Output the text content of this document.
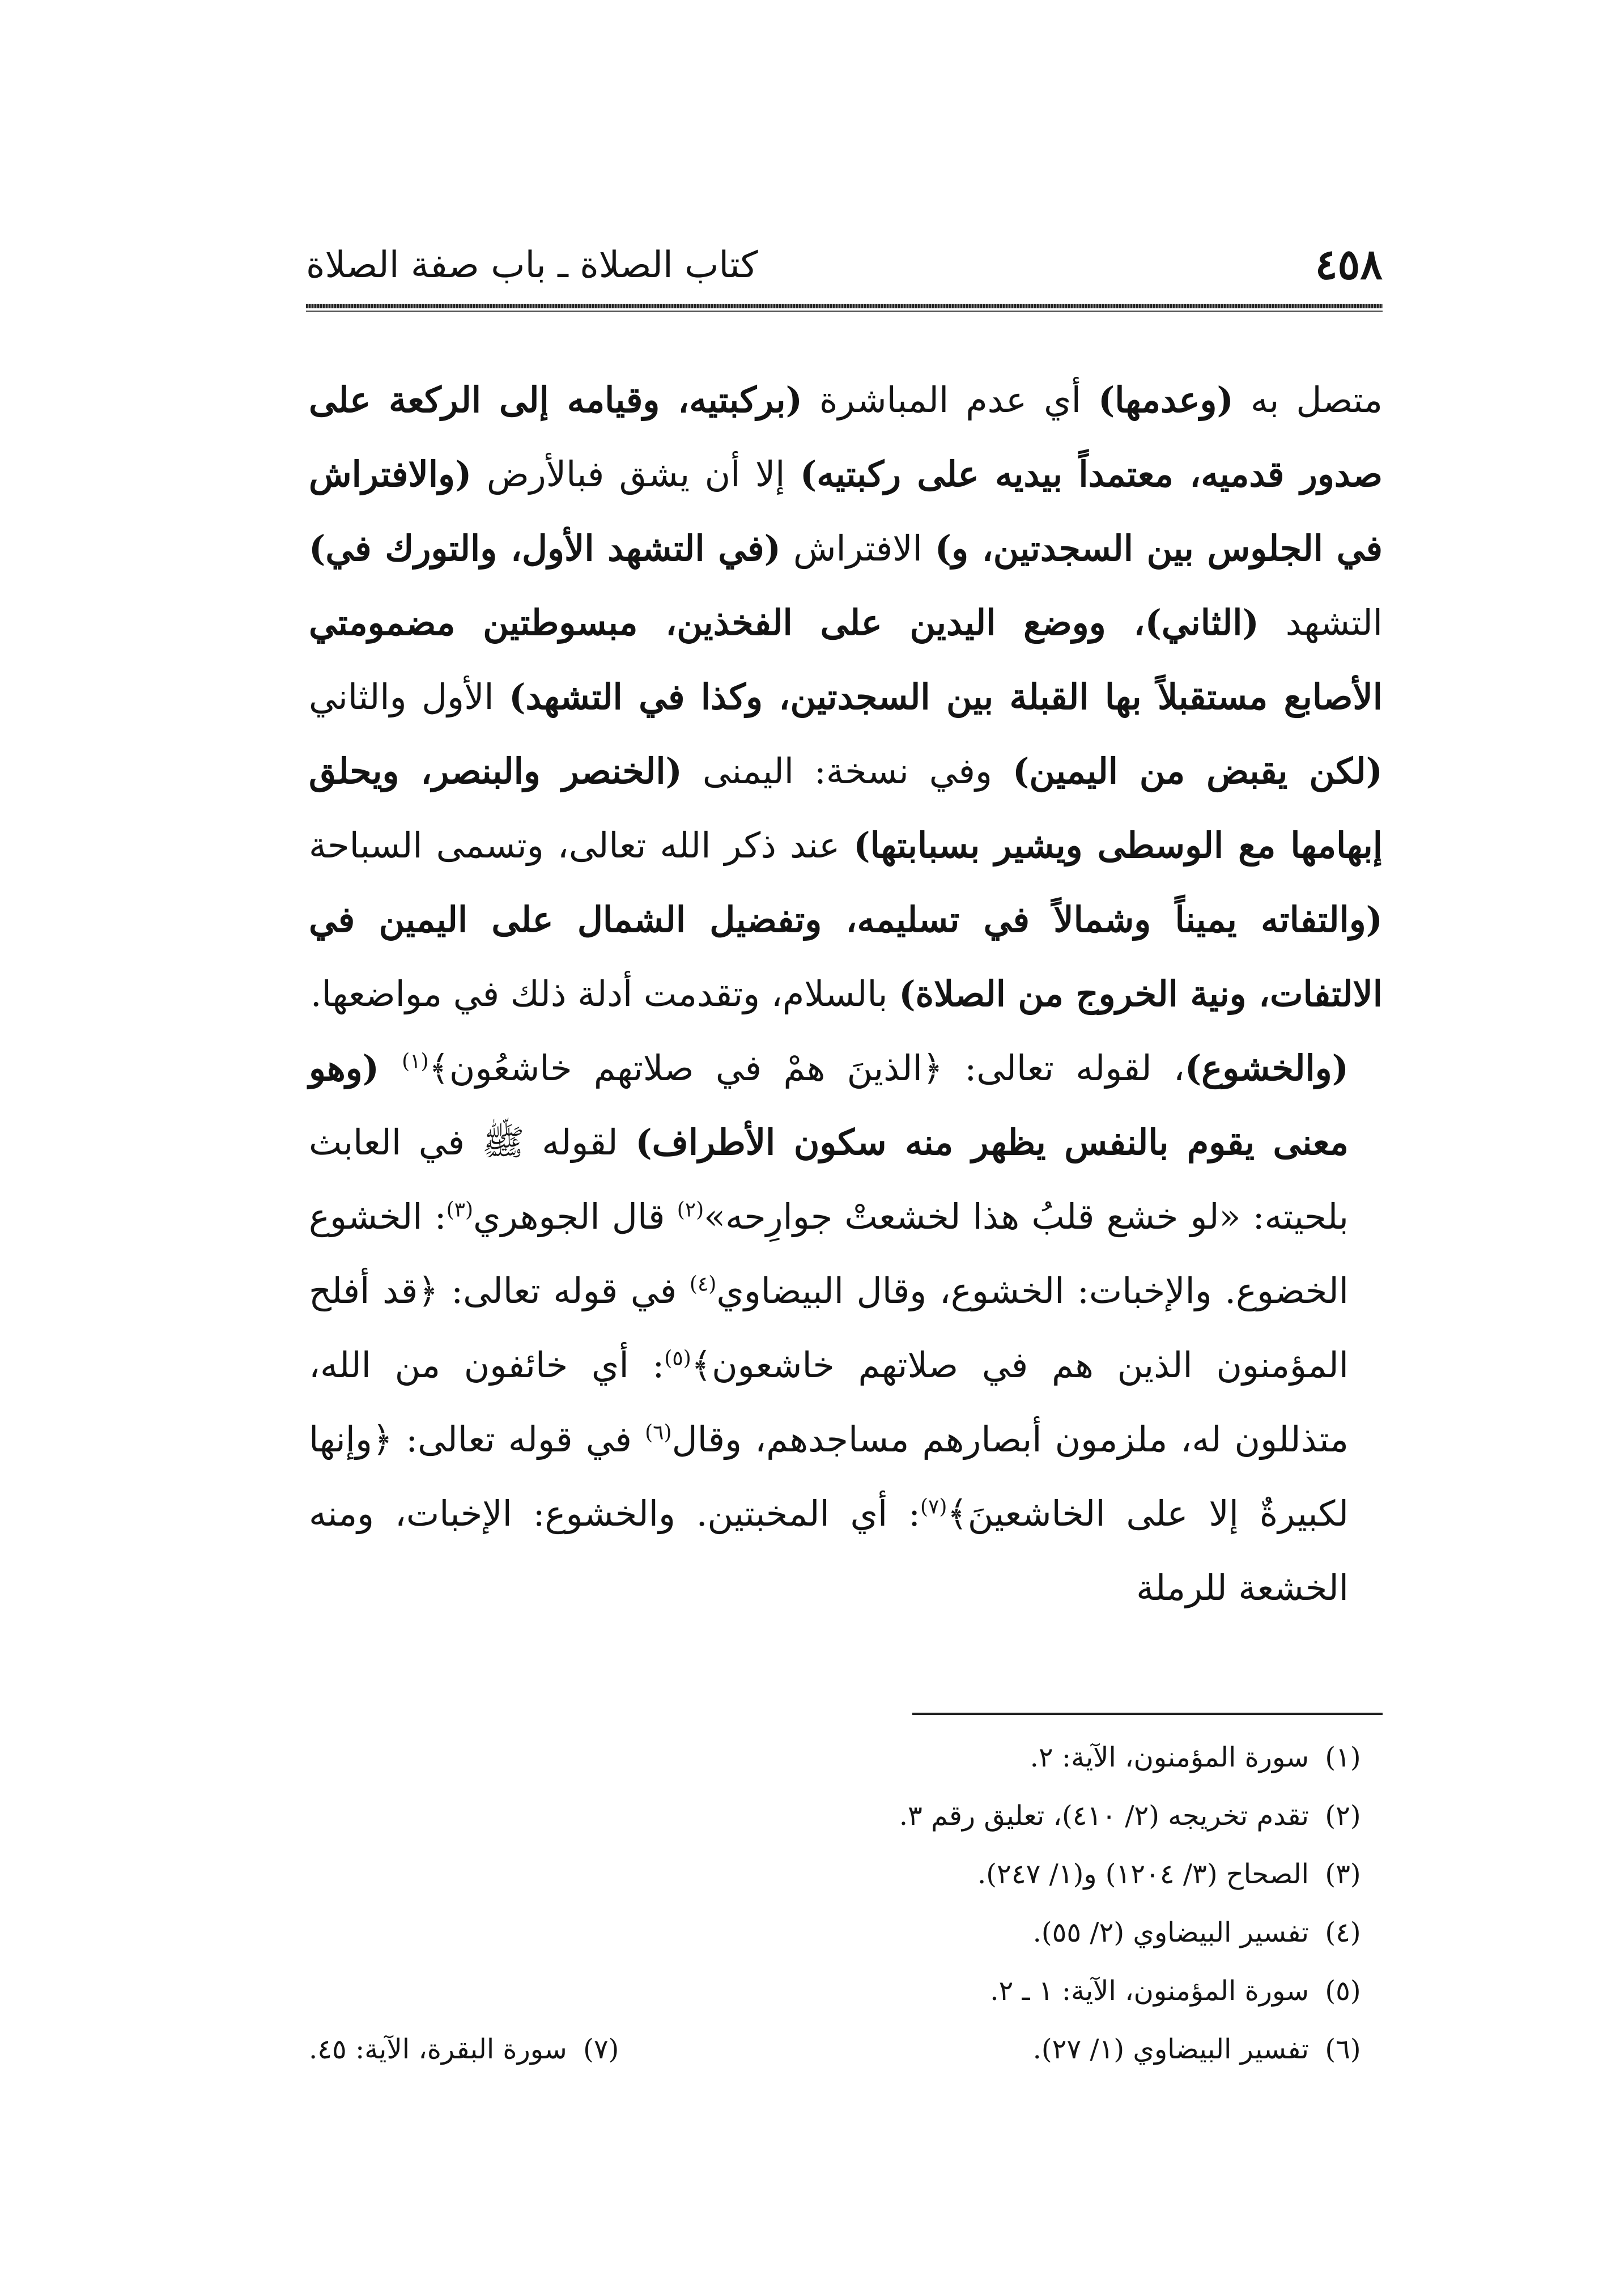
كتاب الصلاة ـ باب صفة الصلاة	٤٥٨

متصل به (وعدمها) أي عدم المباشرة (بركبتيه، وقيامه إلى الركعة على صدور قدميه، معتمداً بيديه على ركبتيه) إلا أن يشق فبالأرض (والافتراش في الجلوس بين السجدتين، و) الافتراش (في التشهد الأول، والتورك في) التشهد (الثاني)، ووضع اليدين على الفخذين، مبسوطتين مضمومتي الأصابع مستقبلاً بها القبلة بين السجدتين، وكذا في التشهد) الأول والثاني (لكن يقبض من اليمين) وفي نسخة: اليمنى (الخنصر والبنصر، ويحلق إبهامها مع الوسطى ويشير بسبابتها) عند ذكر الله تعالى، وتسمى السباحة (والتفاته يميناً وشمالاً في تسليمه، وتفضيل الشمال على اليمين في الالتفات، ونية الخروج من الصلاة) بالسلام، وتقدمت أدلة ذلك في مواضعها.

(والخشوع)، لقوله تعالى: ﴿الذينَ همْ في صلاتهم خاشعُون﴾$^{(١)}$ (وهو معنى يقوم بالنفس يظهر منه سكون الأطراف) لقوله ﷺ في العابث بلحيته: «لو خشع قلبُ هذا لخشعتْ جوارِحه»$^{(٢)}$ قال الجوهري$^{(٣)}$: الخشوع الخضوع. والإخبات: الخشوع، وقال البيضاوي$^{(٤)}$ في قوله تعالى: ﴿قد أفلح المؤمنون الذين هم في صلاتهم خاشعون﴾$^{(٥)}$: أي خائفون من الله، متذللون له، ملزمون أبصارهم مساجدهم، وقال$^{(٦)}$ في قوله تعالى: ﴿وإنها لكبيرةٌ إلا على الخاشعينَ﴾$^{(٧)}$: أي المخبتين. والخشوع: الإخبات، ومنه الخشعة للرملة

(١)
سورة المؤمنون، الآية: ٢.
(٢)
تقدم تخريجه (٢/ ٤١٠)، تعليق رقم ٣.
(٣)
الصحاح (٣/ ١٢٠٤) و(١/ ٢٤٧).
(٤)
تفسير البيضاوي (٢/ ٥٥).
(٥)
سورة المؤمنون، الآية: ١ ـ ٢.
(٦)
تفسير البيضاوي (١/ ٢٧).
(٧)
سورة البقرة، الآية: ٤٥.
